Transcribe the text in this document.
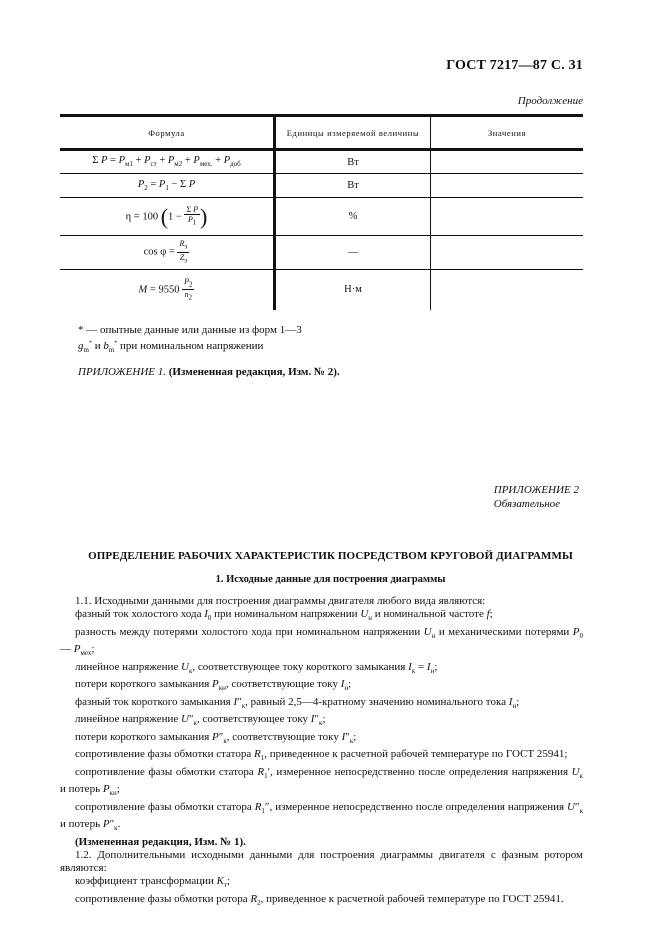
ГОСТ 7217—87 С. 31
Продолжение
Формула	Единицы измеряемой величины	Значения
Σ $P = P_{м1} + P_{ст} + P_{м2} + P_{мех.} + P_{доб}$	Вт	
$P_2 = P_1 - \Sigma$ P	Вт	
η = 100 ($1 - \frac{\text{Σ P}}{P_1}$ )	%	
$\cos \varphi = \frac{R_э}{Z_э}$	—	
$M = 9550 \frac{P_2}{n_2}$	Н·м	
* — опытные данные или данные из форм 1—3
$g_m^*$ и $b_m^*$ при номинальном напряжении
ПРИЛОЖЕНИЕ 1. (Измененная редакция, Изм. № 2).
ПРИЛОЖЕНИЕ 2
Обязательное
ОПРЕДЕЛЕНИЕ РАБОЧИХ ХАРАКТЕРИСТИК ПОСРЕДСТВОМ КРУГОВОЙ ДИАГРАММЫ
1. Исходные данные для построения диаграммы

1.1. Исходными данными для построения диаграммы двигателя любого вида являются:

фазный ток холостого хода $I_0$ при номинальном напряжении $U_н$ и номинальной частоте f;

разность между потерями холостого хода при номинальном напряжении $U_н$ и механическими потерями $P_0$ — $P_{мех}$;

линейное напряжение $U_к$, соответствующее току короткого замыкания $I_к = I_н$;

потери короткого замыкания $P_{кн}$, соответствующие току $I_н$;

фазный ток короткого замыкания $I''_к$, равный 2,5—4-кратному значению номинального тока $I_н$;

линейное напряжение $U''_к$, соответствующее току $I''_к$;

потери короткого замыкания $P''_к$, соответствующие току $I''_к$;

сопротивление фазы обмотки статора $R_1$, приведенное к расчетной рабочей температуре по ГОСТ 25941;

сопротивление фазы обмотки статора $R_1'$, измеренное непосредственно после определения напряжения $U_к$ и потерь $P_{кн}$;

сопротивление фазы обмотки статора $R_1''$, измеренное непосредственно после определения напряжения $U''_к$ и потерь $P''_к$.

(Измененная редакция, Изм. № 1).

1.2. Дополнительными исходными данными для построения диаграммы двигателя с фазным ротором являются:

коэффициент трансформации $K_т$;

сопротивление фазы обмотки ротора $R_2$, приведенное к расчетной рабочей температуре по ГОСТ 25941.
